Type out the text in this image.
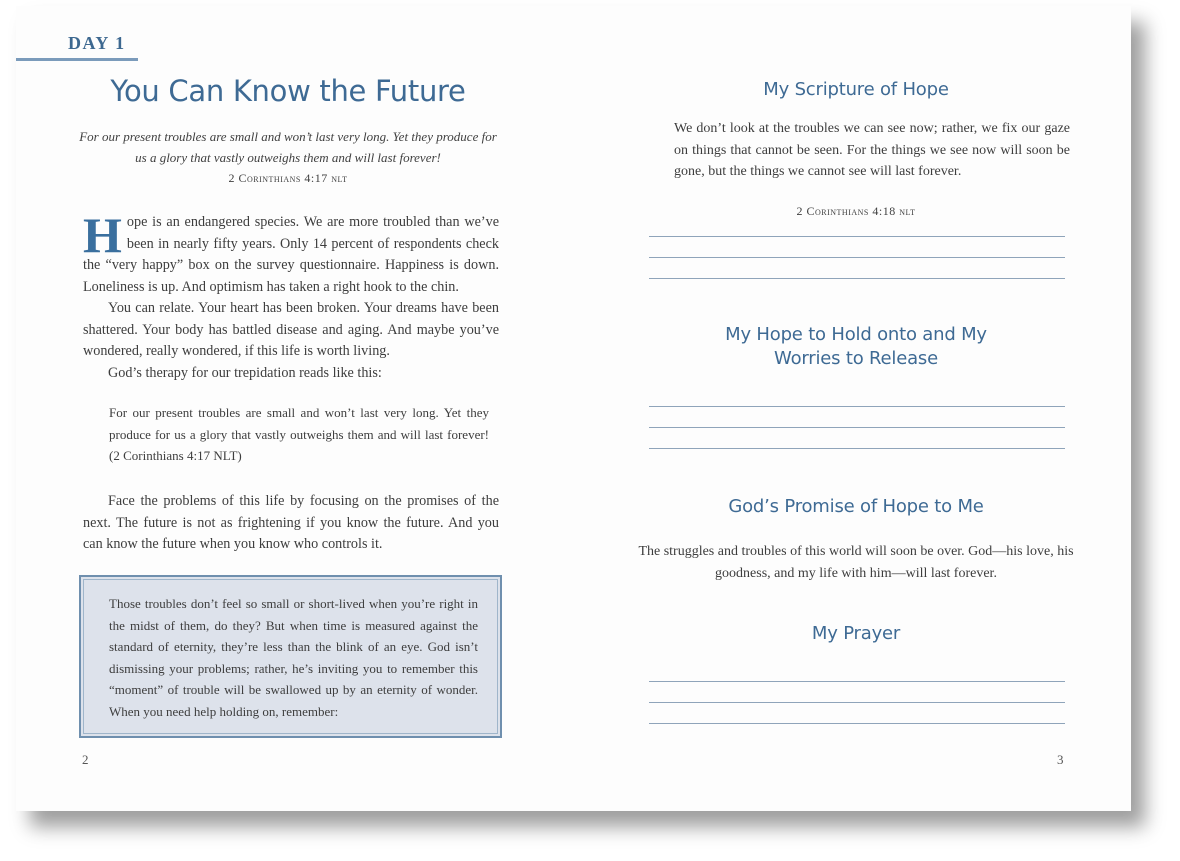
DAY 1
You Can Know the Future
For our present troubles are small and won’t last very long. Yet they produce for us a glory that vastly outweighs them and will last forever!
2 Corinthians 4:17 nlt

Hope is an endangered species. We are more troubled than we’ve been in nearly fifty years. Only 14 percent of respondents check the “very happy” box on the survey questionnaire. Happiness is down. Loneliness is up. And optimism has taken a right hook to the chin.

You can relate. Your heart has been broken. Your dreams have been shattered. Your body has battled disease and aging. And maybe you’ve wondered, really wondered, if this life is worth living.

God’s therapy for our trepidation reads like this:

For our present troubles are small and won’t last very long. Yet they produce for us a glory that vastly outweighs them and will last forever! (2 Corinthians 4:17 NLT)

Face the problems of this life by focusing on the promises of the next. The future is not as frightening if you know the future. And you can know the future when you know who controls it.

Those troubles don’t feel so small or short-lived when you’re right in the midst of them, do they? But when time is measured against the standard of eternity, they’re less than the blink of an eye. God isn’t dismissing your problems; rather, he’s inviting you to remember this “moment” of trouble will be swallowed up by an eternity of wonder. When you need help holding on, remember:
2
My Scripture of Hope
We don’t look at the troubles we can see now; rather, we fix our gaze on things that cannot be seen. For the things we see now will soon be gone, but the things we cannot see will last forever.
2 Corinthians 4:18 nlt
My Hope to Hold onto and My Worries to Release
God’s Promise of Hope to Me
The struggles and troubles of this world will soon be over. God—his love, his goodness, and my life with him—will last forever.
My Prayer
3
